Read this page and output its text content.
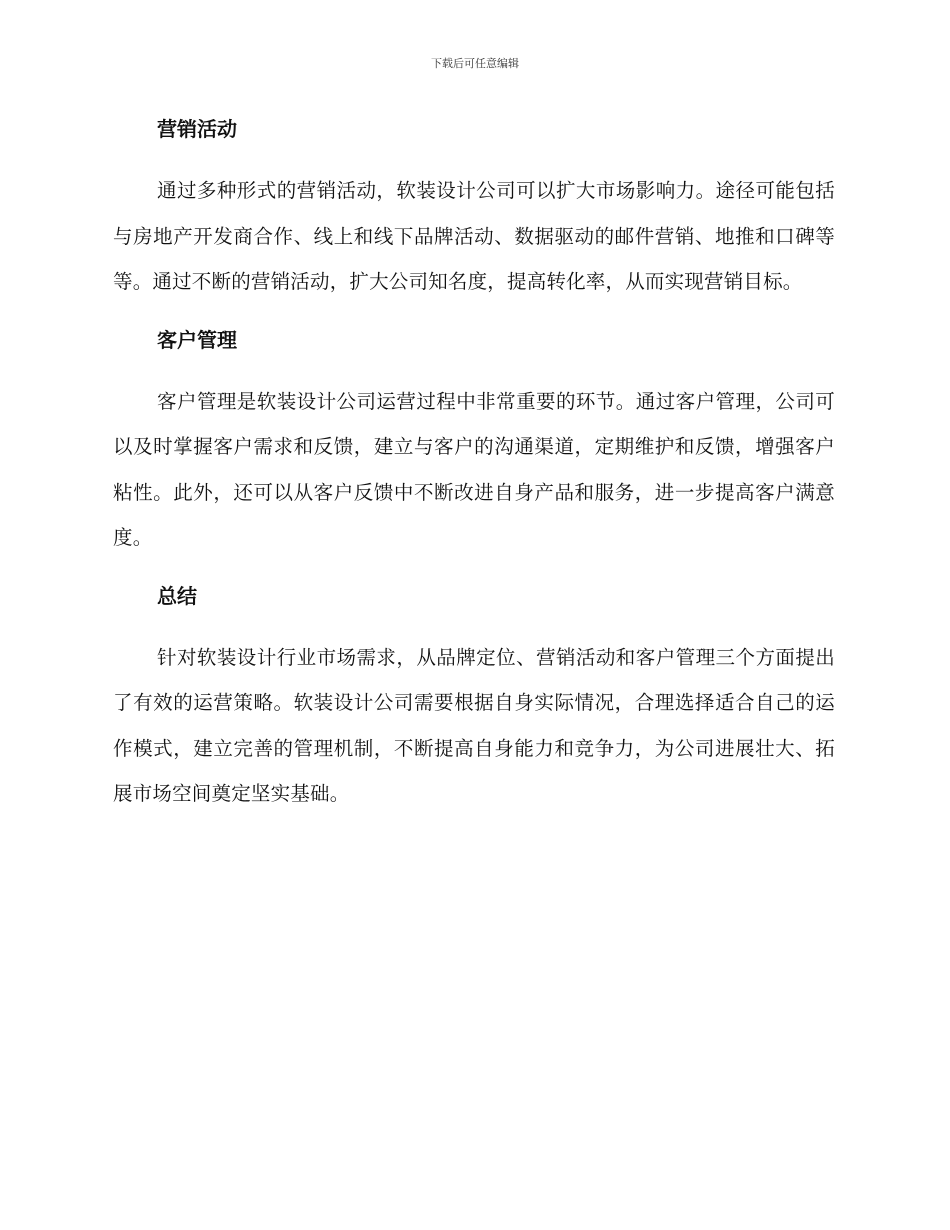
下载后可任意编辑
营销活动

通过多种形式的营销活动，软装设计公司可以扩大市场影响力。途径可能包括与房地产开发商合作、线上和线下品牌活动、数据驱动的邮件营销、地推和口碑等等。通过不断的营销活动，扩大公司知名度，提高转化率，从而实现营销目标。

客户管理

客户管理是软装设计公司运营过程中非常重要的环节。通过客户管理，公司可以及时掌握客户需求和反馈，建立与客户的沟通渠道，定期维护和反馈，增强客户粘性。此外，还可以从客户反馈中不断改进自身产品和服务，进一步提高客户满意度。

总结

针对软装设计行业市场需求，从品牌定位、营销活动和客户管理三个方面提出了有效的运营策略。软装设计公司需要根据自身实际情况，合理选择适合自己的运作模式，建立完善的管理机制，不断提高自身能力和竞争力，为公司进展壮大、拓展市场空间奠定坚实基础。
